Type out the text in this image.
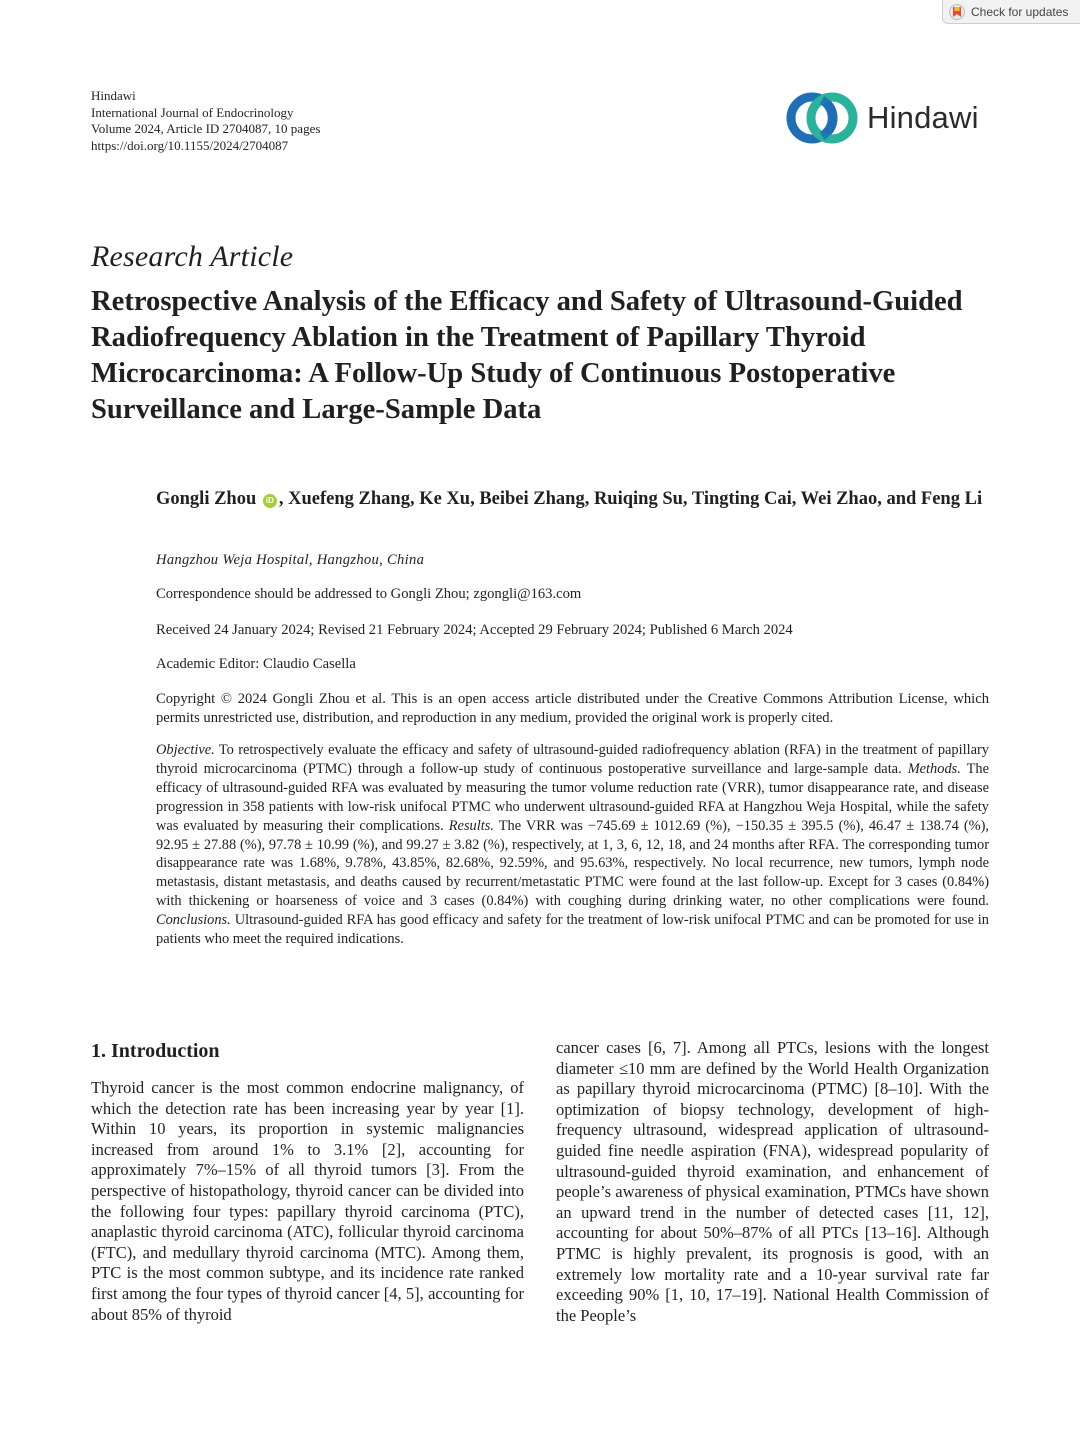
Check for updates
Hindawi
International Journal of Endocrinology
Volume 2024, Article ID 2704087, 10 pages
https://doi.org/10.1155/2024/2704087
Hindawi
Research Article
Retrospective Analysis of the Efficacy and Safety of Ultrasound-Guided Radiofrequency Ablation in the Treatment of Papillary Thyroid Microcarcinoma: A Follow-Up Study of Continuous Postoperative Surveillance and Large-Sample Data
Gongli Zhou iD , Xuefeng Zhang, Ke Xu, Beibei Zhang, Ruiqing Su, Tingting Cai, Wei Zhao, and Feng Li
Hangzhou Weja Hospital, Hangzhou, China
Correspondence should be addressed to Gongli Zhou; zgongli@163.com
Received 24 January 2024; Revised 21 February 2024; Accepted 29 February 2024; Published 6 March 2024
Academic Editor: Claudio Casella
Copyright © 2024 Gongli Zhou et al. This is an open access article distributed under the Creative Commons Attribution License, which permits unrestricted use, distribution, and reproduction in any medium, provided the original work is properly cited.
Objective. To retrospectively evaluate the efficacy and safety of ultrasound-guided radiofrequency ablation (RFA) in the treatment of papillary thyroid microcarcinoma (PTMC) through a follow-up study of continuous postoperative surveillance and large-sample data. Methods. The efficacy of ultrasound-guided RFA was evaluated by measuring the tumor volume reduction rate (VRR), tumor disappearance rate, and disease progression in 358 patients with low-risk unifocal PTMC who underwent ultrasound-guided RFA at Hangzhou Weja Hospital, while the safety was evaluated by measuring their complications. Results. The VRR was −745.69 ± 1012.69 (%), −150.35 ± 395.5 (%), 46.47 ± 138.74 (%), 92.95 ± 27.88 (%), 97.78 ± 10.99 (%), and 99.27 ± 3.82 (%), respectively, at 1, 3, 6, 12, 18, and 24 months after RFA. The corresponding tumor disappearance rate was 1.68%, 9.78%, 43.85%, 82.68%, 92.59%, and 95.63%, respectively. No local recurrence, new tumors, lymph node metastasis, distant metastasis, and deaths caused by recurrent/metastatic PTMC were found at the last follow-up. Except for 3 cases (0.84%) with thickening or hoarseness of voice and 3 cases (0.84%) with coughing during drinking water, no other complications were found. Conclusions. Ultrasound-guided RFA has good efficacy and safety for the treatment of low-risk unifocal PTMC and can be promoted for use in patients who meet the required indications.
1. Introduction
Thyroid cancer is the most common endocrine malignancy, of which the detection rate has been increasing year by year [1]. Within 10 years, its proportion in systemic malignancies increased from around 1% to 3.1% [2], accounting for approximately 7%–15% of all thyroid tumors [3]. From the perspective of histopathology, thyroid cancer can be divided into the following four types: papillary thyroid carcinoma (PTC), anaplastic thyroid carcinoma (ATC), follicular thyroid carcinoma (FTC), and medullary thyroid carcinoma (MTC). Among them, PTC is the most common subtype, and its incidence rate ranked first among the four types of thyroid cancer [4, 5], accounting for about 85% of thyroid
cancer cases [6, 7]. Among all PTCs, lesions with the longest diameter ≤10 mm are defined by the World Health Organization as papillary thyroid microcarcinoma (PTMC) [8–10]. With the optimization of biopsy technology, development of high-frequency ultrasound, widespread application of ultrasound-guided fine needle aspiration (FNA), widespread popularity of ultrasound-guided thyroid examination, and enhancement of people’s awareness of physical examination, PTMCs have shown an upward trend in the number of detected cases [11, 12], accounting for about 50%–87% of all PTCs [13–16]. Although PTMC is highly prevalent, its prognosis is good, with an extremely low mortality rate and a 10-year survival rate far exceeding 90% [1, 10, 17–19]. National Health Commission of the People’s
